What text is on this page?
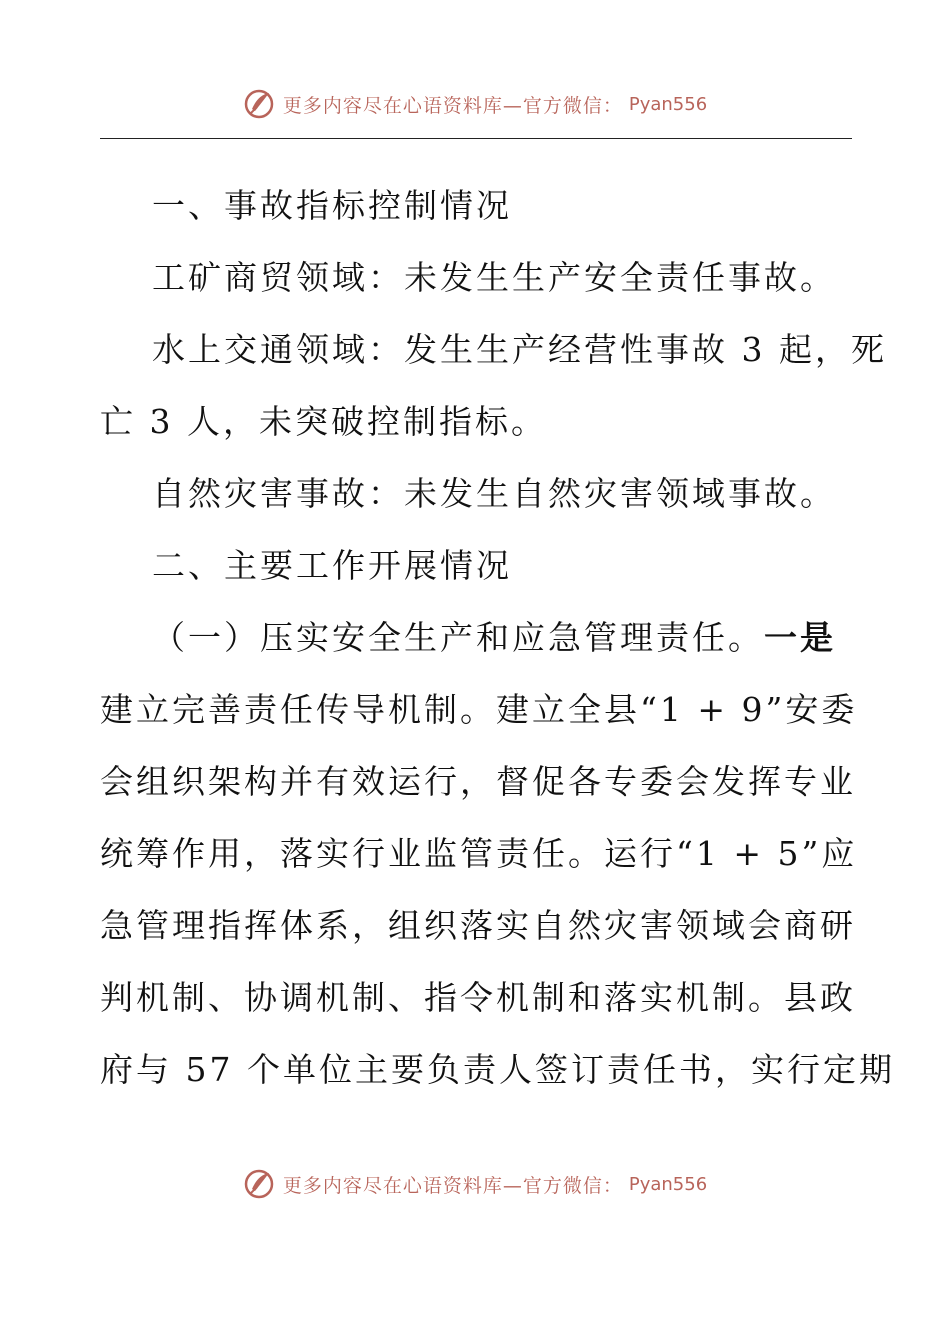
更多内容尽在心语资料库—官方微信： Pyan556

一、事故指标控制情况

工矿商贸领域：未发生生产安全责任事故。

水上交通领域：发生生产经营性事故 3 起，死

亡 3 人，未突破控制指标。

自然灾害事故：未发生自然灾害领域事故。

二、主要工作开展情况

（一）压实安全生产和应急管理责任。一是

建立完善责任传导机制。建立全县“1 + 9”安委
会组织架构并有效运行，督促各专委会发挥专业
统筹作用，落实行业监管责任。运行“1 + 5”应
急管理指挥体系，组织落实自然灾害领域会商研
判机制、协调机制、指令机制和落实机制。县政
府与 57 个单位主要负责人签订责任书，实行定期

更多内容尽在心语资料库—官方微信： Pyan556
